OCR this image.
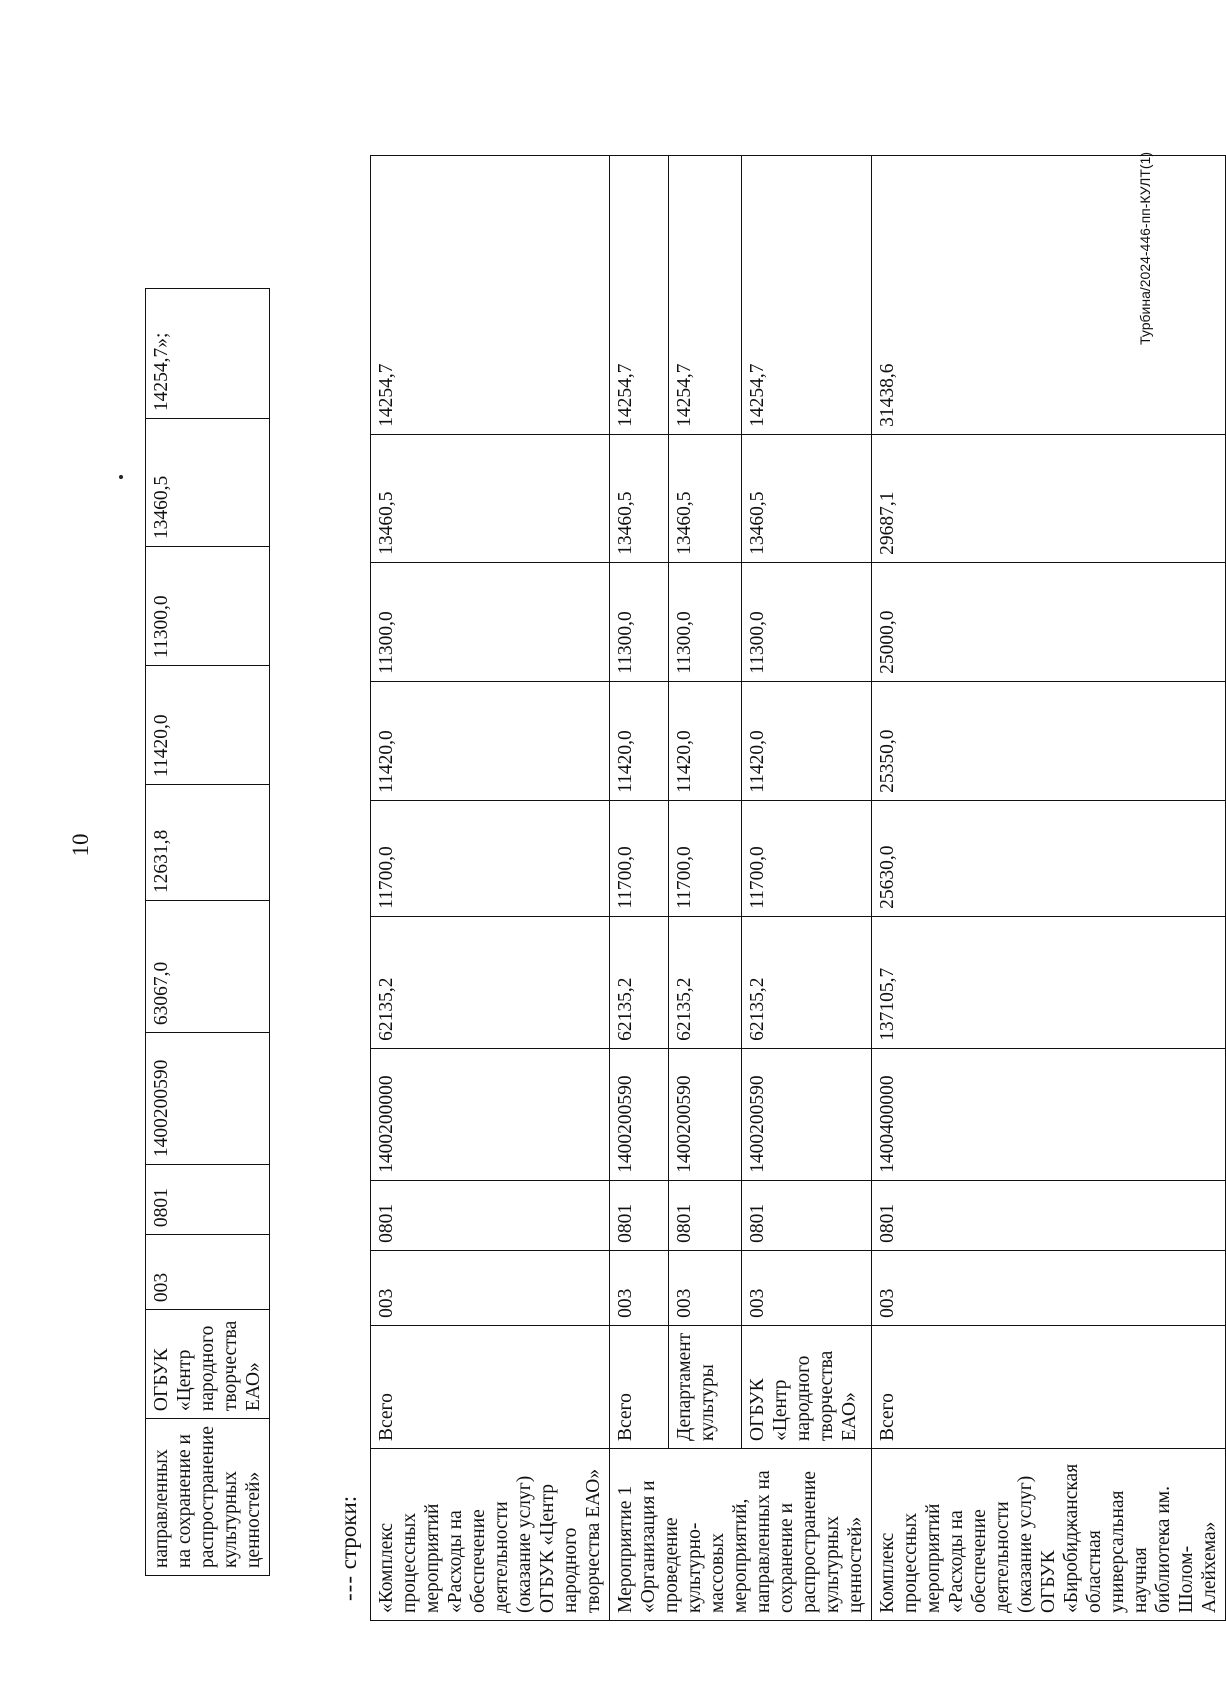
10
Турбина/2024-446-пп-КУЛТ(1)
направленных на сохранение и распространение культурных ценностей»	ОГБУК «Центр народного творчества ЕАО»	003	0801	1400200590	63067,0	12631,8	11420,0	11300,0	13460,5	14254,7»;
--- строки: «Комплекс процессных мероприятий «Расходы на обеспечение деятельности (оказание услуг) ОГБУК «Центр народного творчества ЕАО»	Всего	003	0801	1400200000	62135,2	11700,0	11420,0	11300,0	13460,5	14254,7
Мероприятие 1 «Организация и проведение культурно-массовых мероприятий, направленных на сохранение и распространение культурных ценностей»	Всего	003	0801	1400200590	62135,2	11700,0	11420,0	11300,0	13460,5	14254,7
	Департамент культуры	003	0801	1400200590	62135,2	11700,0	11420,0	11300,0	13460,5	14254,7
	ОГБУК «Центр народного творчества ЕАО»	003	0801	1400200590	62135,2	11700,0	11420,0	11300,0	13460,5	14254,7
Комплекс процессных мероприятий «Расходы на обеспечение деятельности (оказание услуг) ОГБУК «Биробиджанская областная универсальная научная библиотека им. Шолом-Алейхема»	Всего	003	0801	1400400000	137105,7	25630,0	25350,0	25000,0	29687,1	31438,6
